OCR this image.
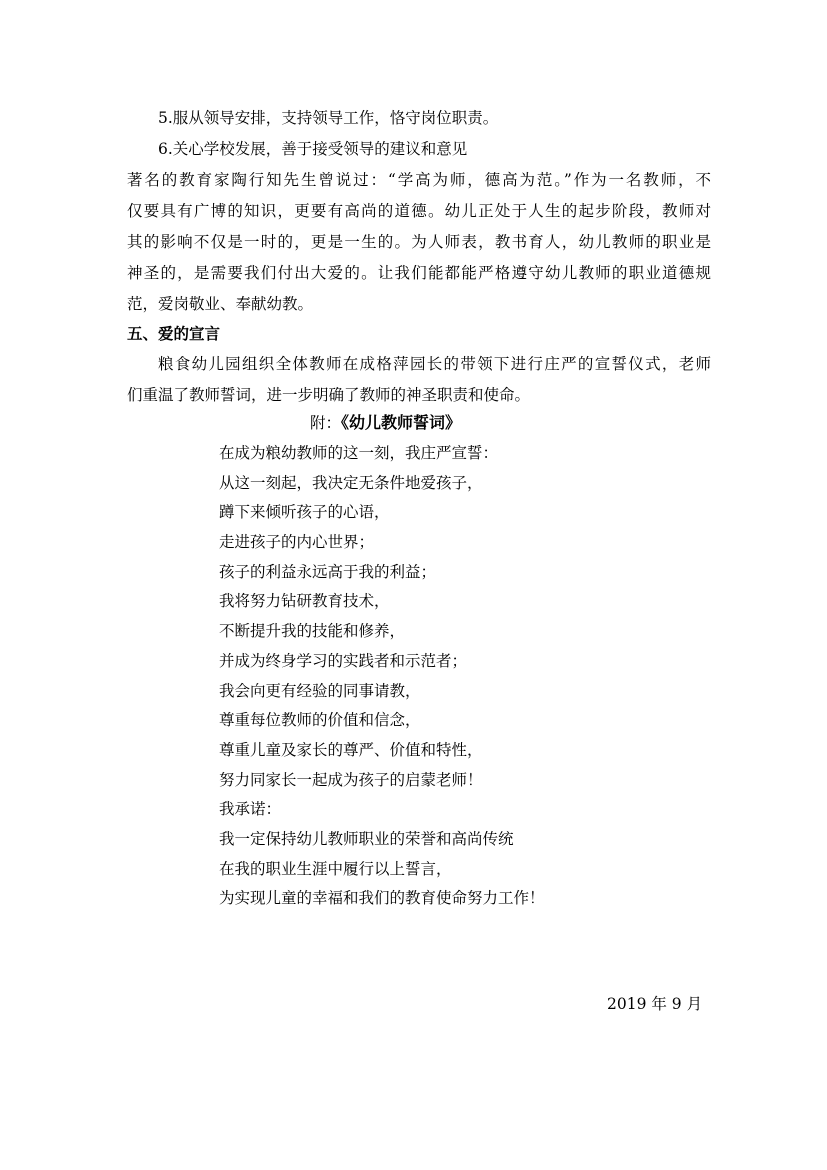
5.服从领导安排，支持领导工作，恪守岗位职责。
6.关心学校发展，善于接受领导的建议和意见
著名的教育家陶行知先生曾说过：“学高为师，德高为范。”作为一名教师，不
仅要具有广博的知识，更要有高尚的道德。幼儿正处于人生的起步阶段，教师对
其的影响不仅是一时的，更是一生的。为人师表，教书育人，幼儿教师的职业是
神圣的，是需要我们付出大爱的。让我们能都能严格遵守幼儿教师的职业道德规
范，爱岗敬业、奉献幼教。
五、爱的宣言
粮食幼儿园组织全体教师在成格萍园长的带领下进行庄严的宣誓仪式，老师
们重温了教师誓词，进一步明确了教师的神圣职责和使命。
附：《幼儿教师誓词》
在成为粮幼教师的这一刻，我庄严宣誓：
从这一刻起，我决定无条件地爱孩子，
蹲下来倾听孩子的心语，
走进孩子的内心世界；
孩子的利益永远高于我的利益；
我将努力钻研教育技术，
不断提升我的技能和修养，
并成为终身学习的实践者和示范者；
我会向更有经验的同事请教，
尊重每位教师的价值和信念，
尊重儿童及家长的尊严、价值和特性，
努力同家长一起成为孩子的启蒙老师！
我承诺：
我一定保持幼儿教师职业的荣誉和高尚传统
在我的职业生涯中履行以上誓言，
为实现儿童的幸福和我们的教育使命努力工作！
2019 年 9 月
